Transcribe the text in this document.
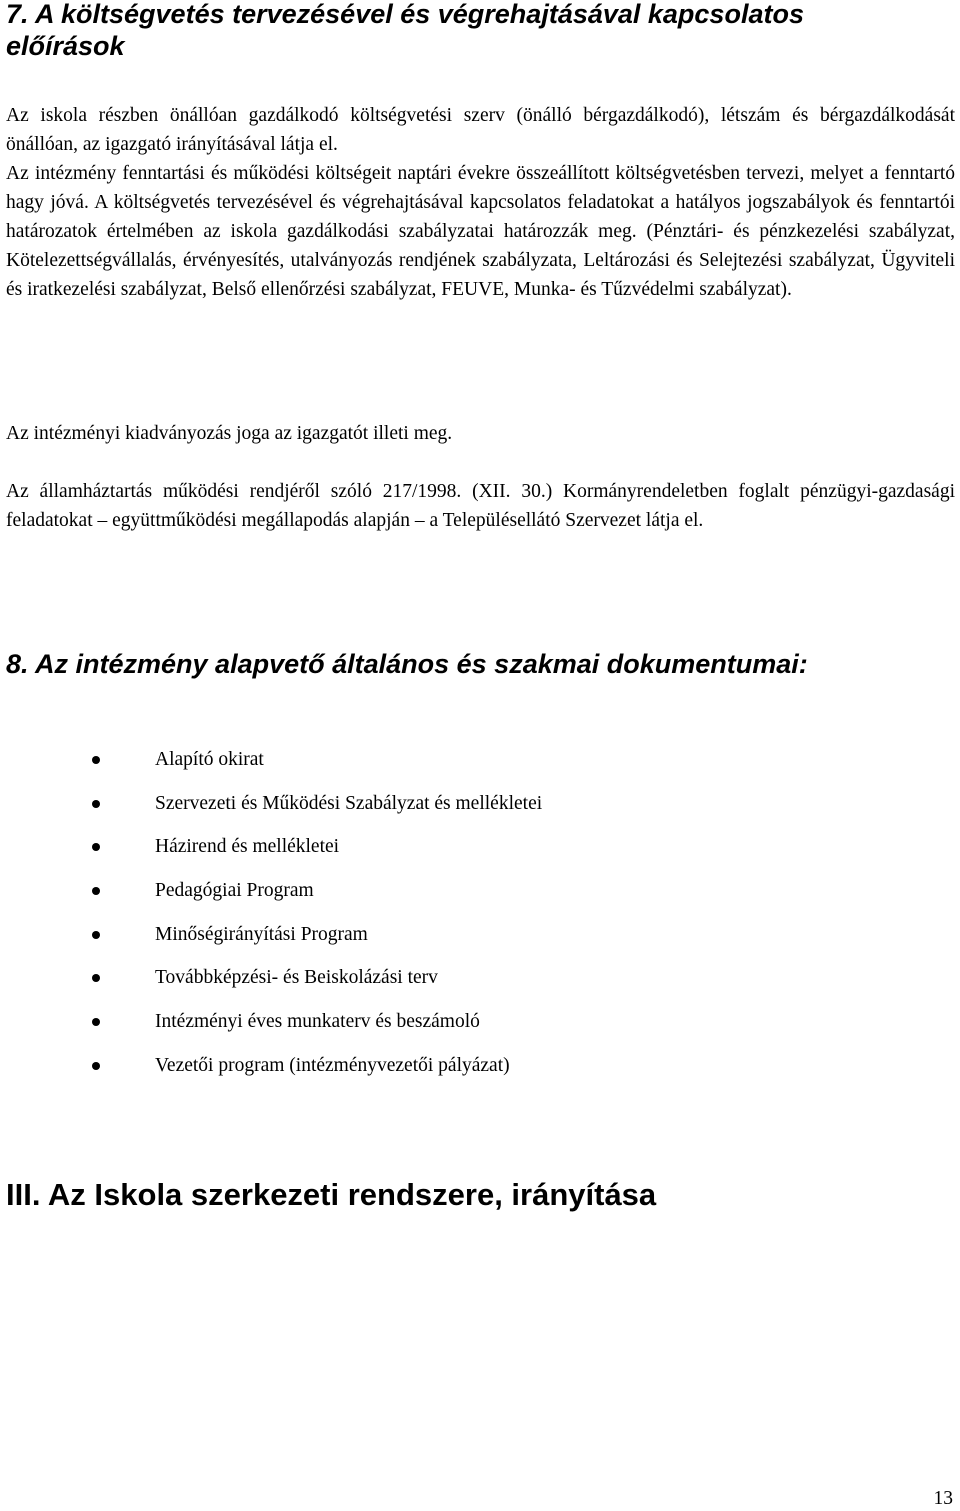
7. A költségvetés tervezésével és végrehajtásával kapcsolatos előírások

Az iskola részben önállóan gazdálkodó költségvetési szerv (önálló bérgazdálkodó), létszám és bérgazdálkodását önállóan, az igazgató irányításával látja el.

Az intézmény fenntartási és működési költségeit naptári évekre összeállított költségvetésben tervezi, melyet a fenntartó hagy jóvá. A költségvetés tervezésével és végrehajtásával kapcsolatos feladatokat a hatályos jogszabályok és fenntartói határozatok értelmében az iskola gazdálkodási szabályzatai határozzák meg. (Pénztári- és pénzkezelési szabályzat, Kötelezettségvállalás, érvényesítés, utalványozás rendjének szabályzata, Leltározási és Selejtezési szabályzat, Ügyviteli és iratkezelési szabályzat, Belső ellenőrzési szabályzat, FEUVE, Munka- és Tűzvédelmi szabályzat).

Az intézményi kiadványozás joga az igazgatót illeti meg.

Az államháztartás működési rendjéről szóló 217/1998. (XII. 30.) Kormányrendeletben foglalt pénzügyi-gazdasági feladatokat – együttműködési megállapodás alapján – a Településellátó Szervezet látja el.

8. Az intézmény alapvető általános és szakmai dokumentumai:
Alapító okirat
Szervezeti és Működési Szabályzat és mellékletei
Házirend és mellékletei
Pedagógiai Program
Minőségirányítási Program
Továbbképzési- és Beiskolázási terv
Intézményi éves munkaterv és beszámoló
Vezetői program (intézményvezetői pályázat)
III. Az Iskola szerkezeti rendszere, irányítása

13
